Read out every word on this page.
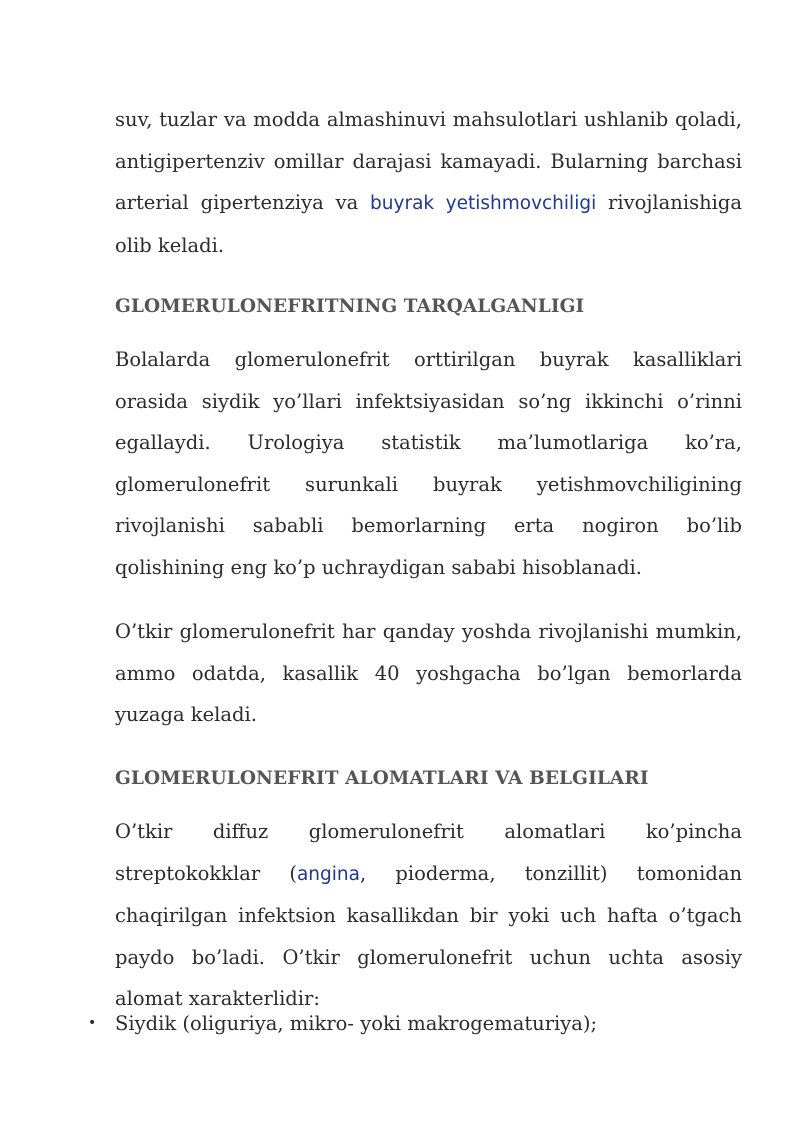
suv, tuzlar va modda almashinuvi mahsulotlari ushlanib qoladi, antigipertenziv omillar darajasi kamayadi. Bularning barchasi arterial gipertenziya va buyrak yetishmovchiligi rivojlanishiga olib keladi.

GLOMERULONEFRITNING TARQALGANLIGI

Bolalarda glomerulonefrit orttirilgan buyrak kasalliklari orasida siydik yo’llari infektsiyasidan so’ng ikkinchi o’rinni egallaydi. Urologiya statistik ma’lumotlariga ko’ra, glomerulonefrit surunkali buyrak yetishmovchiligining rivojlanishi sababli bemorlarning erta nogiron bo’lib qolishining eng ko’p uchraydigan sababi hisoblanadi.

O’tkir glomerulonefrit har qanday yoshda rivojlanishi mumkin, ammo odatda, kasallik 40 yoshgacha bo’lgan bemorlarda yuzaga keladi.

GLOMERULONEFRIT ALOMATLARI VA BELGILARI

O’tkir diffuz glomerulonefrit alomatlari ko’pincha streptokokklar (angina, pioderma, tonzillit) tomonidan chaqirilgan infektsion kasallikdan bir yoki uch hafta o’tgach paydo bo’ladi. O’tkir glomerulonefrit uchun uchta asosiy alomat xarakterlidir:

• Siydik (oliguriya, mikro- yoki makrogematuriya);
